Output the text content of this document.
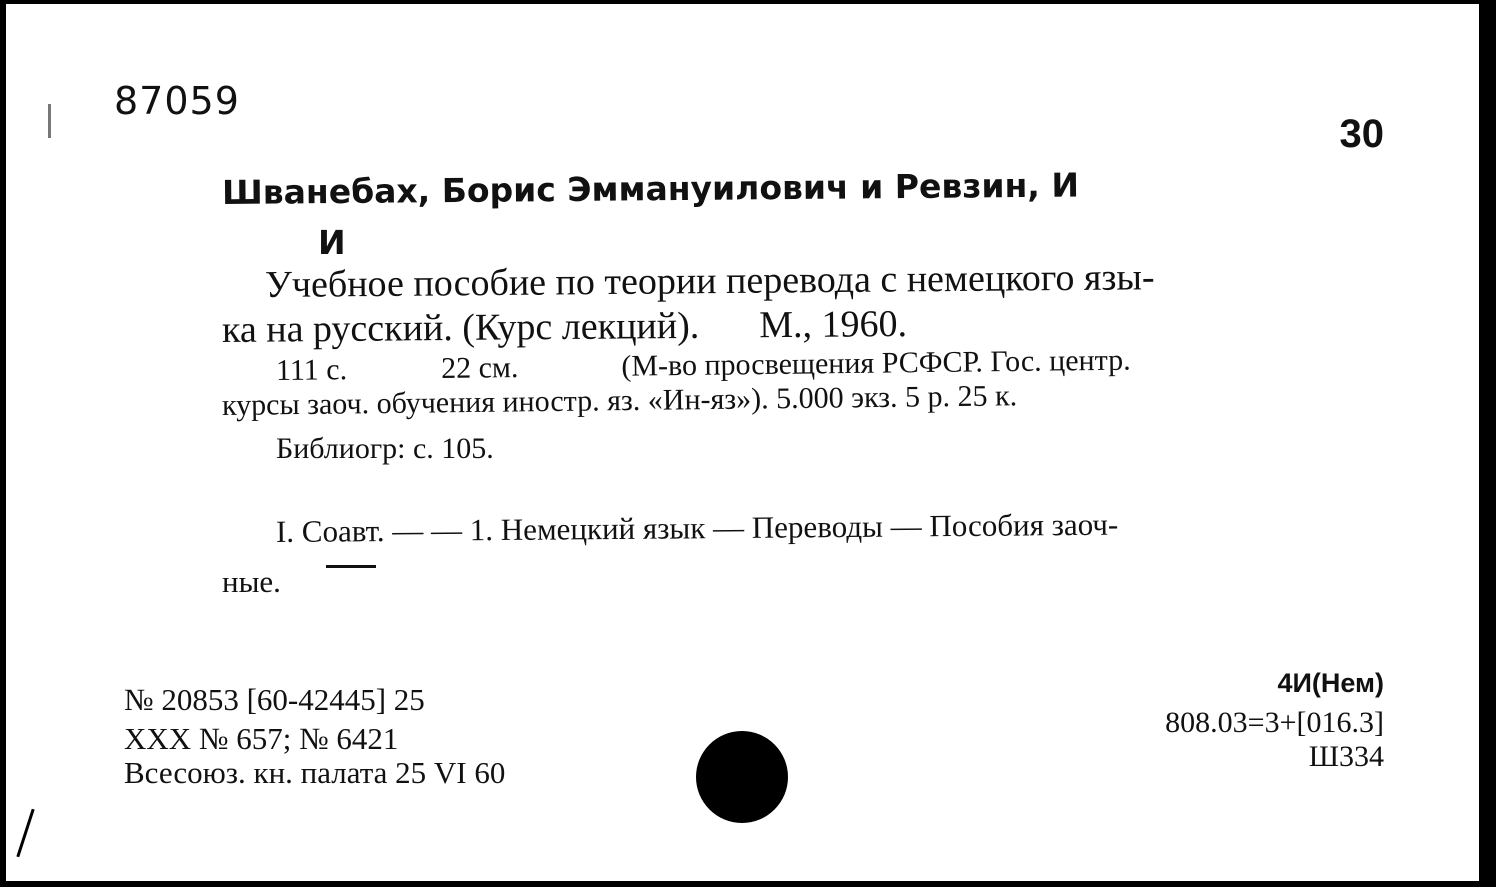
87059

30

Шванебах, Борис Эммануилович и Ревзин, И

И

Учебное пособие по теории перевода с немецкого язы-

ка на русский. (Курс лекций). М., 1960.

111 с.	22 см.	(М-во просвещения РСФСР. Гос. центр.

курсы заоч. обучения иностр. яз. «Ин-яз»). 5.000 экз. 5 р. 25 к.

Библиогр: с. 105.

I. Соавт. — — 1. Немецкий язык — Переводы — Пособия заоч-

ные.

№ 20853 [60-42445] 25

ХХХ № 657; № 6421

Всесоюз. кн. палата 25 VI 60

4И(Нем)

808.03=3+[016.3]

Ш334
